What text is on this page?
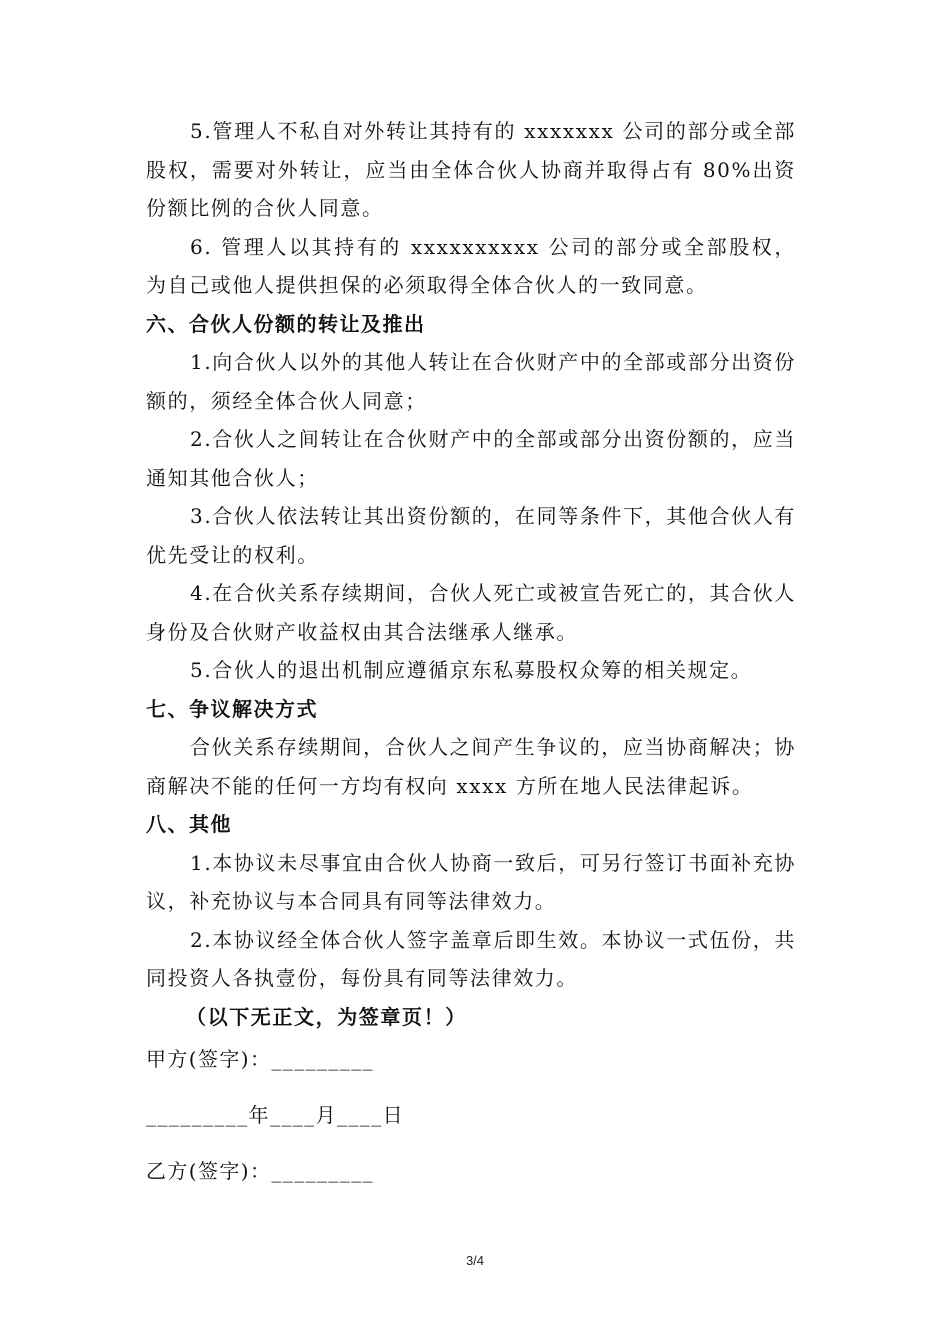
5.管理人不私自对外转让其持有的 xxxxxxx 公司的部分或全部股权，需要对外转让，应当由全体合伙人协商并取得占有 80%出资份额比例的合伙人同意。

6. 管理人以其持有的 xxxxxxxxxx 公司的部分或全部股权，为自己或他人提供担保的必须取得全体合伙人的一致同意。

六、合伙人份额的转让及推出

1.向合伙人以外的其他人转让在合伙财产中的全部或部分出资份额的，须经全体合伙人同意；

2.合伙人之间转让在合伙财产中的全部或部分出资份额的，应当通知其他合伙人；

3.合伙人依法转让其出资份额的，在同等条件下，其他合伙人有优先受让的权利。

4.在合伙关系存续期间，合伙人死亡或被宣告死亡的，其合伙人身份及合伙财产收益权由其合法继承人继承。

5.合伙人的退出机制应遵循京东私募股权众筹的相关规定。

七、争议解决方式

合伙关系存续期间，合伙人之间产生争议的，应当协商解决；协商解决不能的任何一方均有权向 xxxx 方所在地人民法律起诉。

八、其他

1.本协议未尽事宜由合伙人协商一致后，可另行签订书面补充协议，补充协议与本合同具有同等法律效力。

2.本协议经全体合伙人签字盖章后即生效。本协议一式伍份，共同投资人各执壹份，每份具有同等法律效力。

（以下无正文，为签章页！）

甲方(签字)：_________
_________年____月____日
乙方(签字)：_________
3/4
